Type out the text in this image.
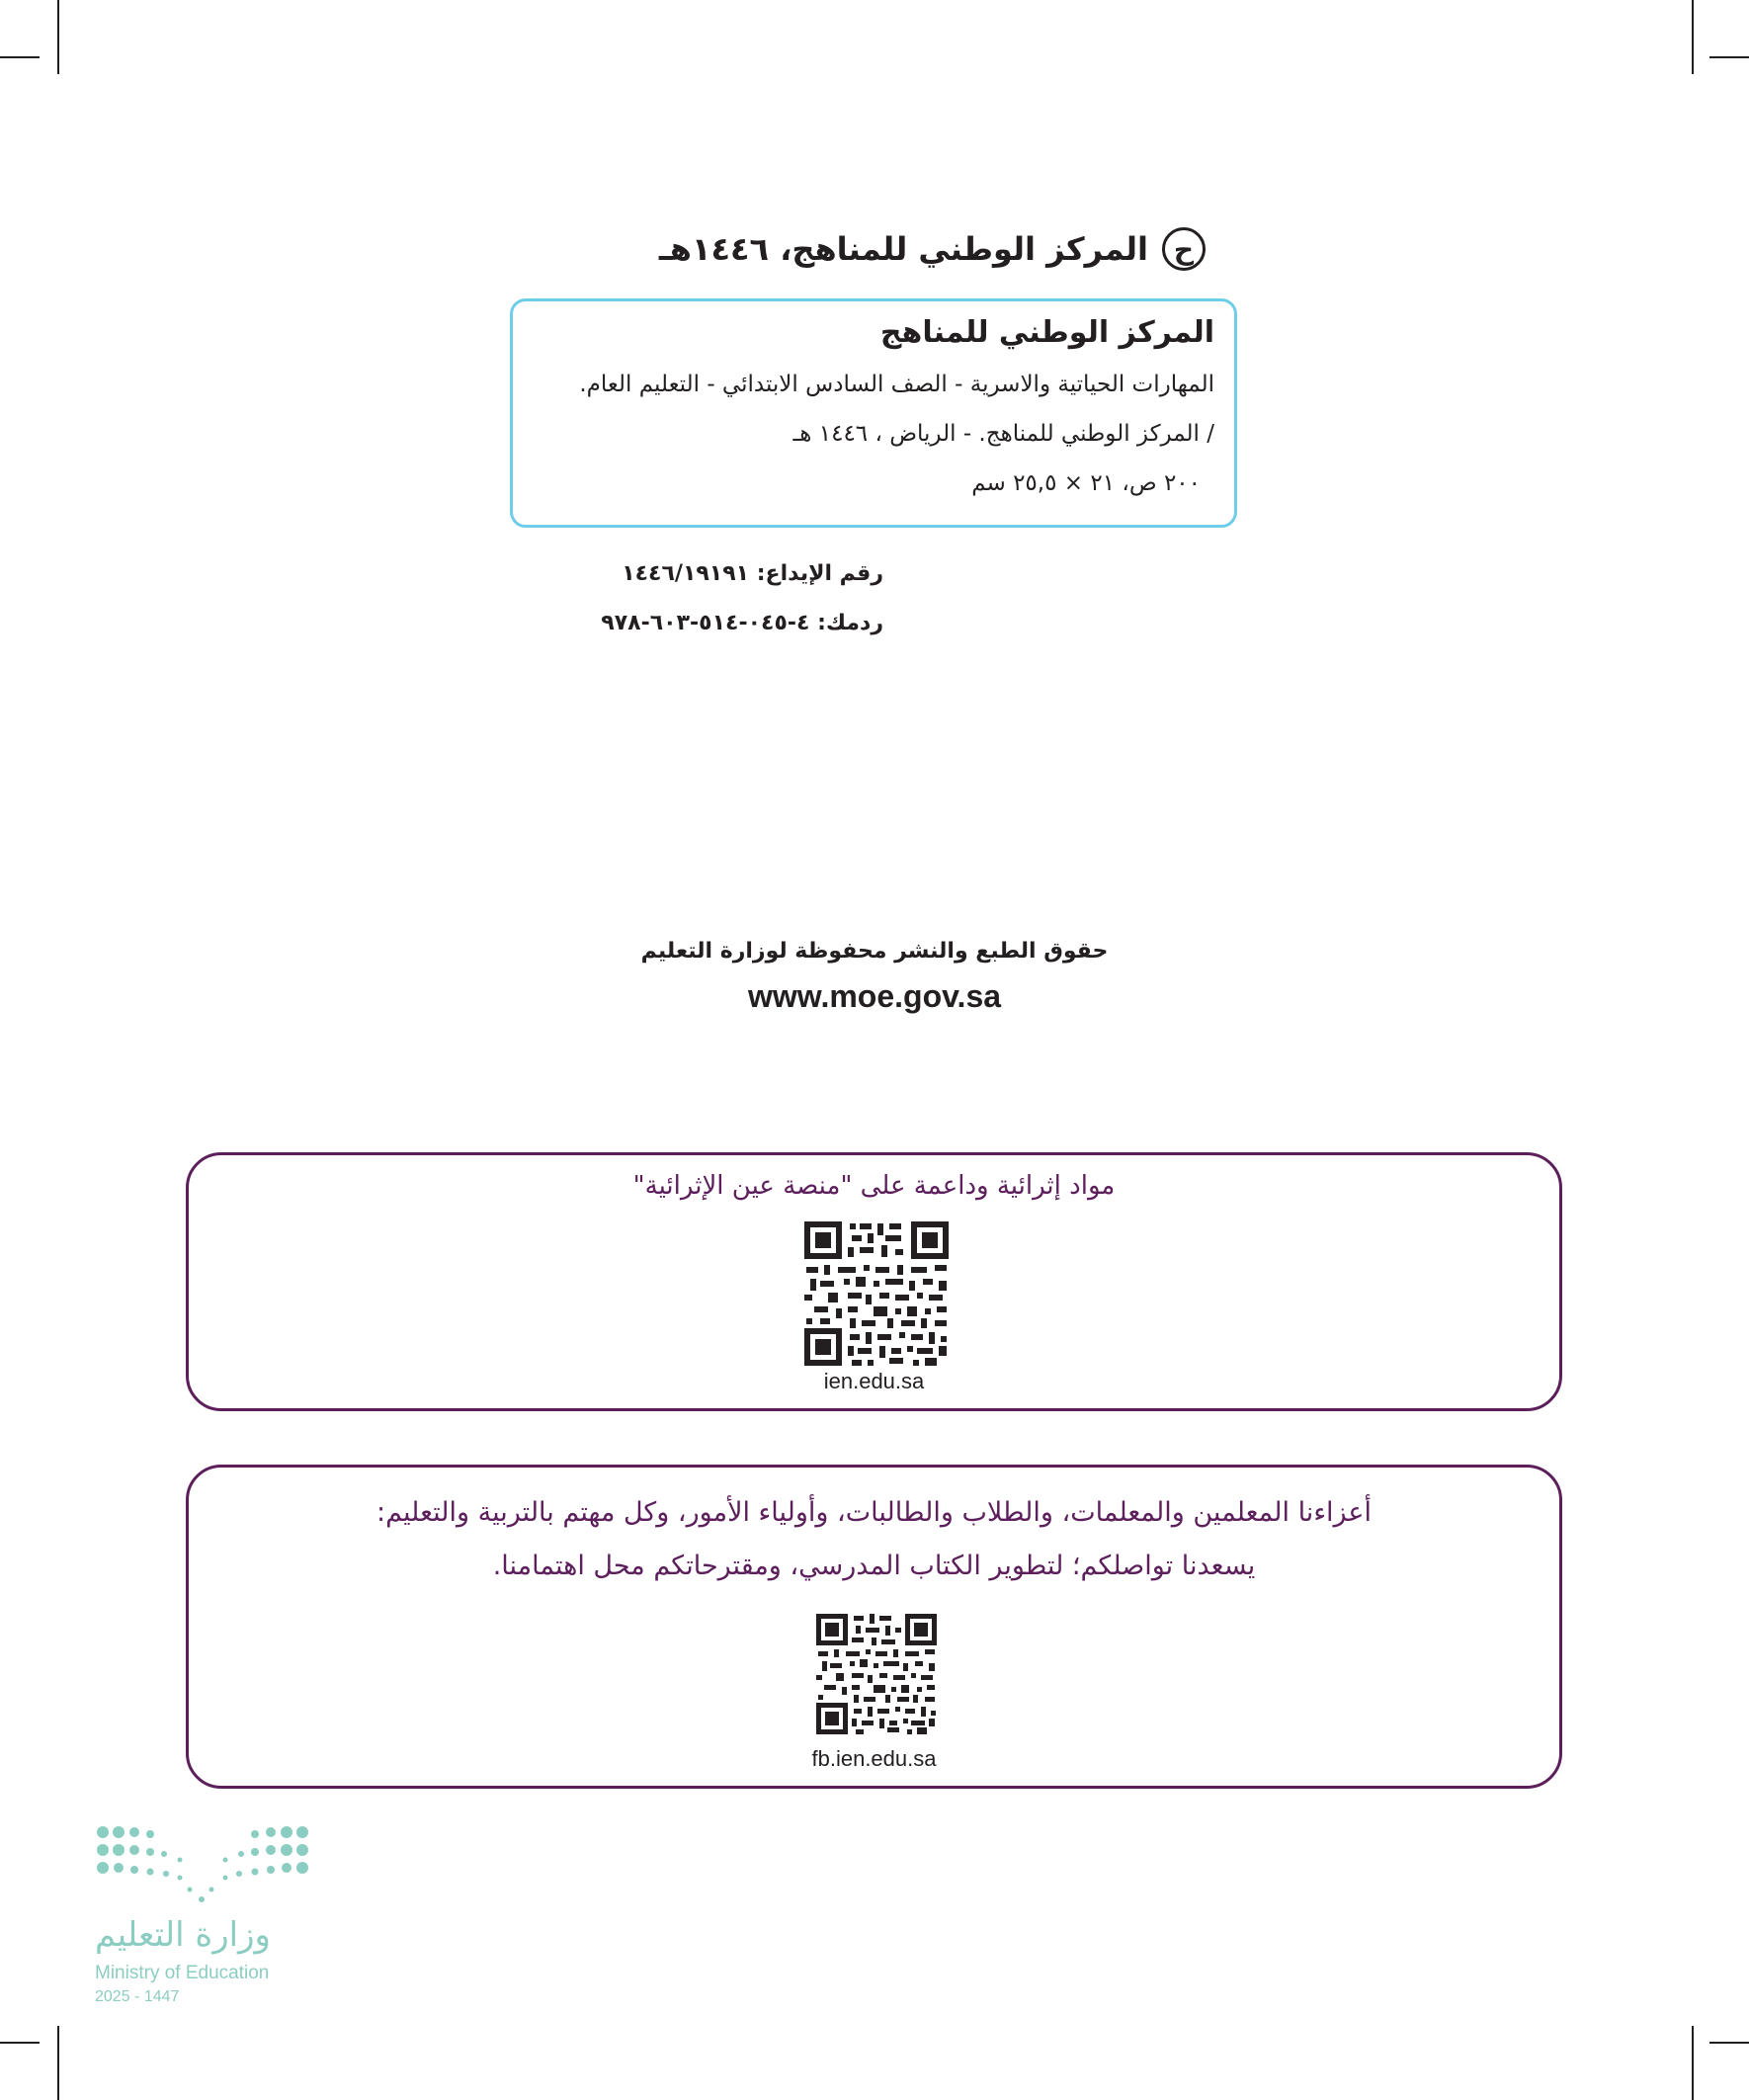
ح
المركز الوطني للمناهج، ١٤٤٦هـ
المركز الوطني للمناهج
المهارات الحياتية والاسرية - الصف السادس الابتدائي - التعليم العام.
/ المركز الوطني للمناهج. - الرياض ، ١٤٤٦ هـ
٢٠٠ ص، ٢١ × ٢٥,٥ سم
رقم الإيداع: ١٤٤٦/١٩١٩١
ردمك: ٤-٠٤٥-٥١٤-٦٠٣-٩٧٨
حقوق الطبع والنشر محفوظة لوزارة التعليم
www.moe.gov.sa
مواد إثرائية وداعمة على "منصة عين الإثرائية"
ien.edu.sa
أعزاءنا المعلمين والمعلمات، والطلاب والطالبات، وأولياء الأمور، وكل مهتم بالتربية والتعليم:
يسعدنا تواصلكم؛ لتطوير الكتاب المدرسي، ومقترحاتكم محل اهتمامنا.
fb.ien.edu.sa
وزارة التعليم
Ministry of Education
2025 - 1447
